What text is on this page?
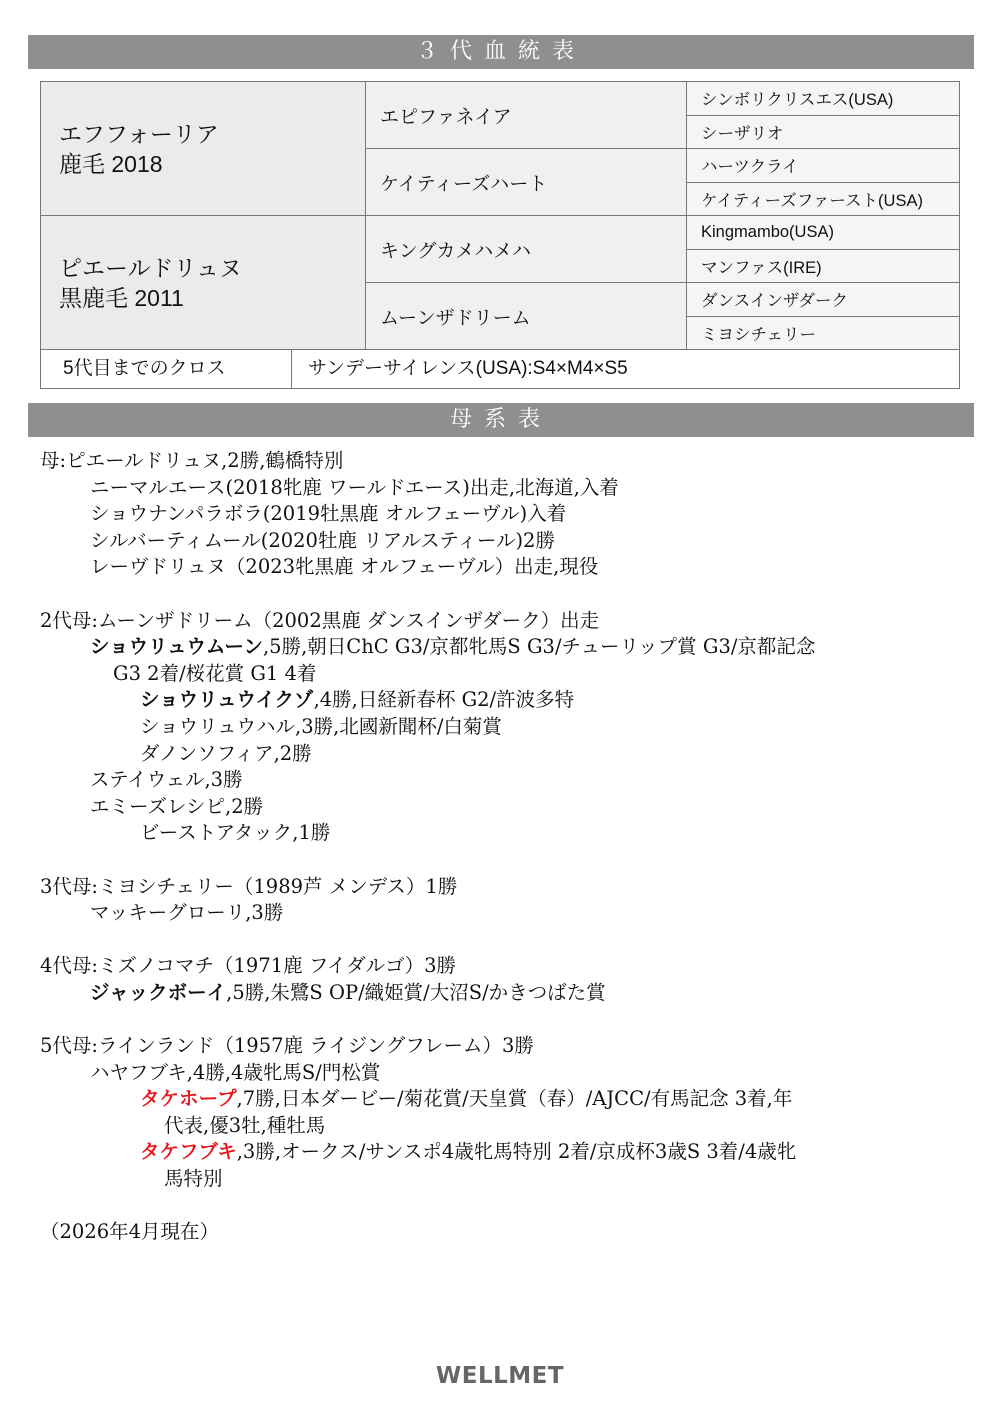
３代血統表
エフフォーリア
鹿毛 2018	エピファネイア	シンボリクリスエス(USA)
		シーザリオ
	ケイティーズハート	ハーツクライ
		ケイティーズファースト(USA)

ピエールドリュヌ
黒鹿毛 2011	キングカメハメハ	Kingmambo(USA)
		マンファス(IRE)
	ムーンザドリーム	ダンスインザダーク
		ミヨシチェリー
5代目までのクロス	サンデーサイレンス(USA):S4×M4×S5
母系表
母:ピエールドリュヌ,2勝,鶴橋特別
ニーマルエース(2018牝鹿 ワールドエース)出走,北海道,入着
ショウナンパラボラ(2019牡黒鹿 オルフェーヴル)入着
シルバーティムール(2020牡鹿 リアルスティール)2勝
レーヴドリュヌ（2023牝黒鹿 オルフェーヴル）出走,現役
2代母:ムーンザドリーム（2002黒鹿 ダンスインザダーク）出走
ショウリュウムーン,5勝,朝日ChC G3/京都牝馬S G3/チューリップ賞 G3/京都記念
G3 2着/桜花賞 G1 4着
ショウリュウイクゾ,4勝,日経新春杯 G2/許波多特
ショウリュウハル,3勝,北國新聞杯/白菊賞
ダノンソフィア,2勝
ステイウェル,3勝
エミーズレシピ,2勝
ビーストアタック,1勝
3代母:ミヨシチェリー（1989芦 メンデス）1勝
マッキーグローリ,3勝
4代母:ミズノコマチ（1971鹿 フイダルゴ）3勝
ジャックボーイ,5勝,朱鷺S OP/織姫賞/大沼S/かきつばた賞
5代母:ラインランド（1957鹿 ライジングフレーム）3勝
ハヤフブキ,4勝,4歳牝馬S/門松賞
タケホープ,7勝,日本ダービー/菊花賞/天皇賞（春）/AJCC/有馬記念 3着,年
代表,優3牡,種牡馬
タケフブキ,3勝,オークス/サンスポ4歳牝馬特別 2着/京成杯3歳S 3着/4歳牝
馬特別
（2026年4月現在）
WELLMET
